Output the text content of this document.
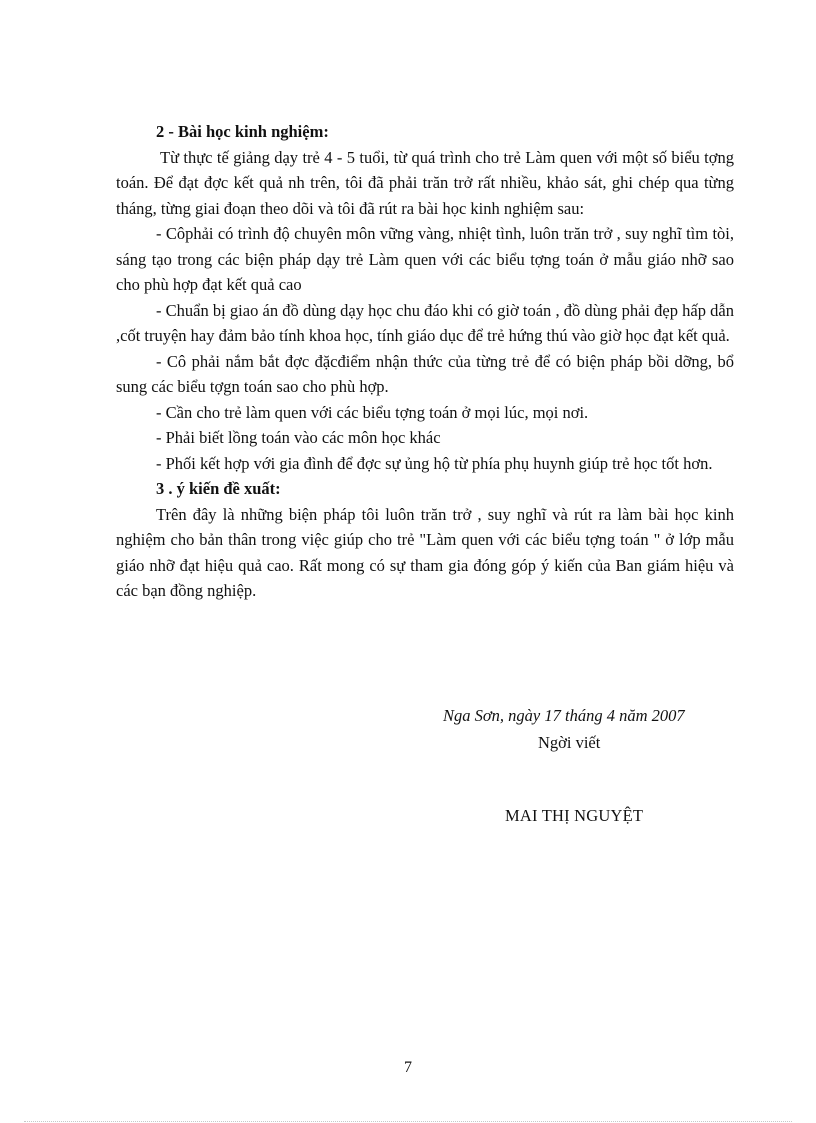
2 - Bài học kinh nghiệm:

Từ thực tế giảng dạy trẻ 4 - 5 tuổi, từ quá trình cho trẻ Làm quen với một số biểu tợng toán. Để đạt đợc kết quả nh trên, tôi đã phải trăn trở rất nhiều, khảo sát, ghi chép qua từng tháng, từng giai đoạn theo dõi và tôi đã rút ra bài học kinh nghiệm sau:

- Côphải có trình độ chuyên môn vững vàng, nhiệt tình, luôn trăn trở , suy nghĩ tìm tòi, sáng tạo trong các biện pháp dạy trẻ Làm quen với các biểu tợng toán ở mẫu giáo nhỡ sao cho phù hợp đạt kết quả cao

- Chuẩn bị giao án đồ dùng dạy học chu đáo khi có giờ toán , đồ dùng phải đẹp hấp dẫn ,cốt truyện hay đảm bảo tính khoa học, tính giáo dục để trẻ hứng thú vào giờ học đạt kết quả.

- Cô phải nắm bắt đợc đặcđiểm nhận thức của từng trẻ để có biện pháp bồi dỡng, bổ sung các biểu tợgn toán sao cho phù hợp.

- Cần cho trẻ làm quen với các biểu tợng toán ở mọi lúc, mọi nơi.

- Phải biết lồng toán vào các môn học khác

- Phối kết hợp với gia đình để đợc sự ủng hộ từ phía phụ huynh giúp trẻ học tốt hơn.

3 . ý kiến đề xuất:

Trên đây là những biện pháp tôi luôn trăn trở , suy nghĩ và rút ra làm bài học kinh nghiệm cho bản thân trong việc giúp cho trẻ "Làm quen với các biểu tợng toán " ở lớp mẫu giáo nhỡ đạt hiệu quả cao. Rất mong có sự tham gia đóng góp ý kiến của Ban giám hiệu và các bạn đồng nghiệp.

Nga Sơn, ngày 17 tháng 4 năm 2007
Ngời viết
MAI THỊ NGUYỆT
7
